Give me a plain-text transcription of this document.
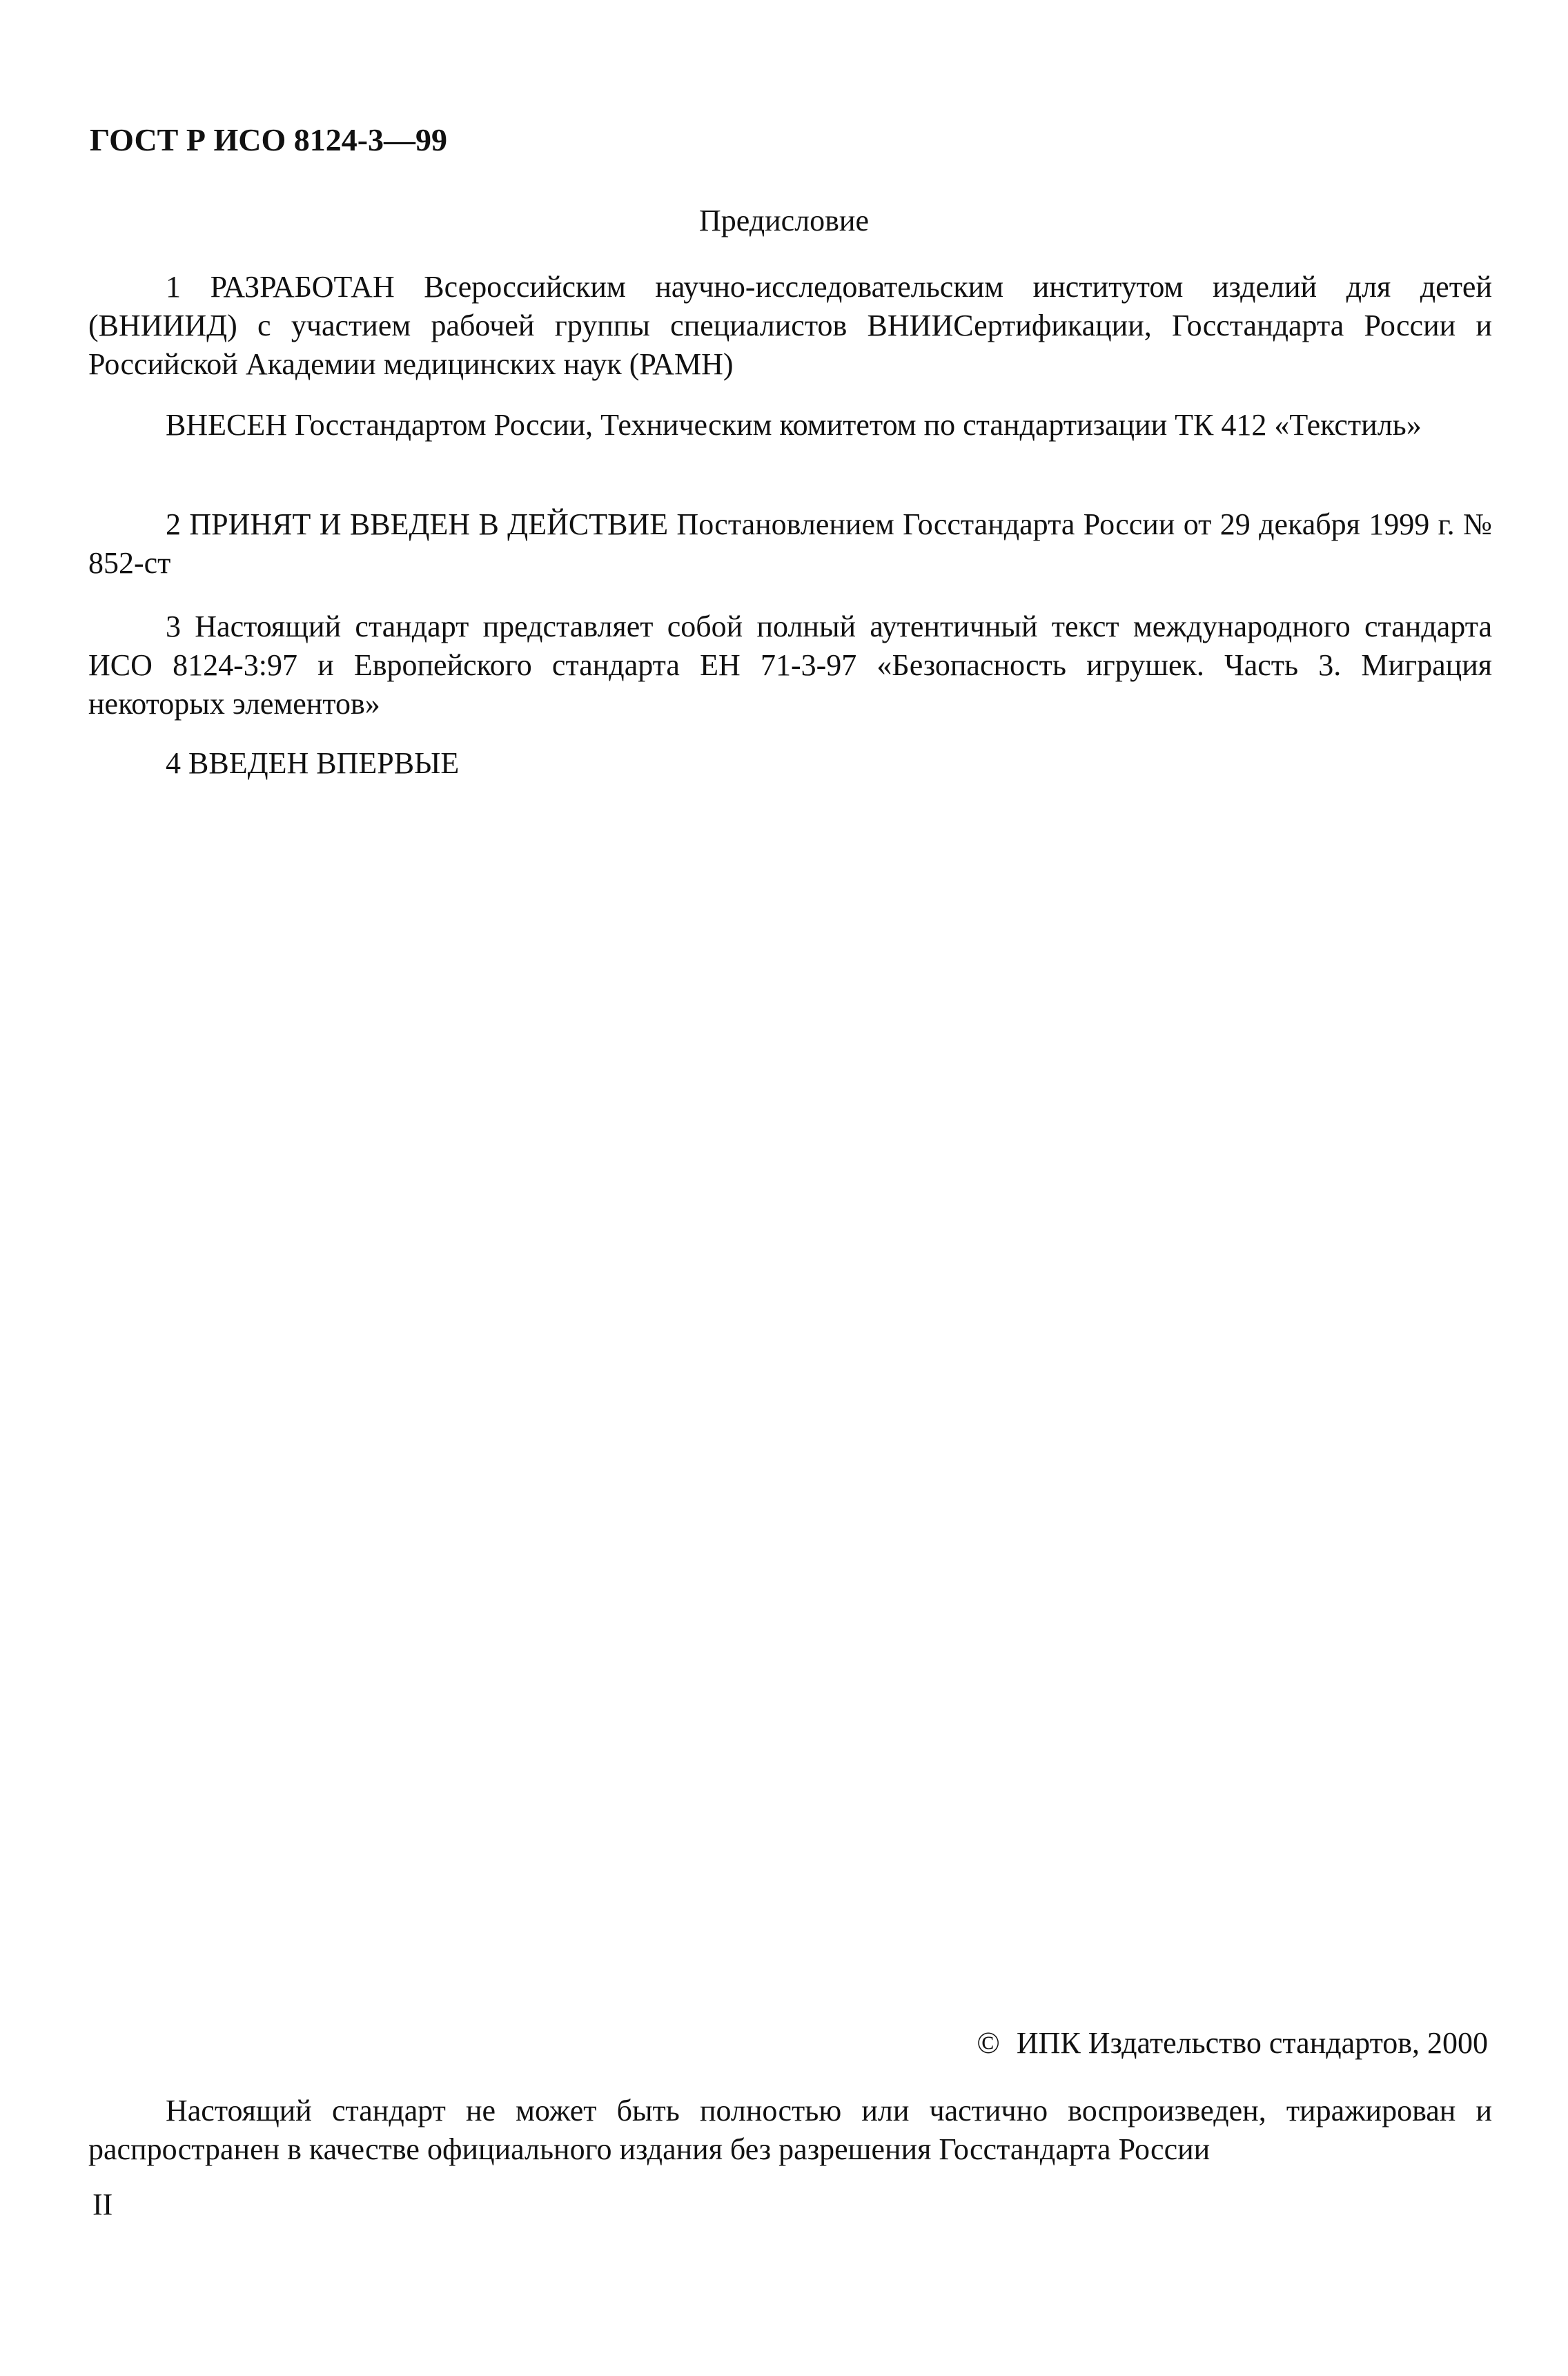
ГОСТ Р ИСО 8124-3—99
Предисловие
1 РАЗРАБОТАН Всероссийским научно-исследовательским институтом изделий для детей (ВНИИИД) с участием рабочей группы специалистов ВНИИСертификации, Госстандарта России и Российской Академии медицинских наук (РАМН)
ВНЕСЕН Госстандартом России, Техническим комитетом по стандартизации ТК 412 «Текстиль»
2 ПРИНЯТ И ВВЕДЕН В ДЕЙСТВИЕ Постановлением Госстандарта России от 29 декабря 1999 г. № 852-ст
3 Настоящий стандарт представляет собой полный аутентичный текст международного стандарта ИСО 8124-3:97 и Европейского стандарта ЕН 71-3-97 «Безопасность игрушек. Часть 3. Миграция некоторых элементов»
4 ВВЕДЕН ВПЕРВЫЕ
© ИПК Издательство стандартов, 2000
Настоящий стандарт не может быть полностью или частично воспроизведен, тиражирован и распространен в качестве официального издания без разрешения Госстандарта России
II
